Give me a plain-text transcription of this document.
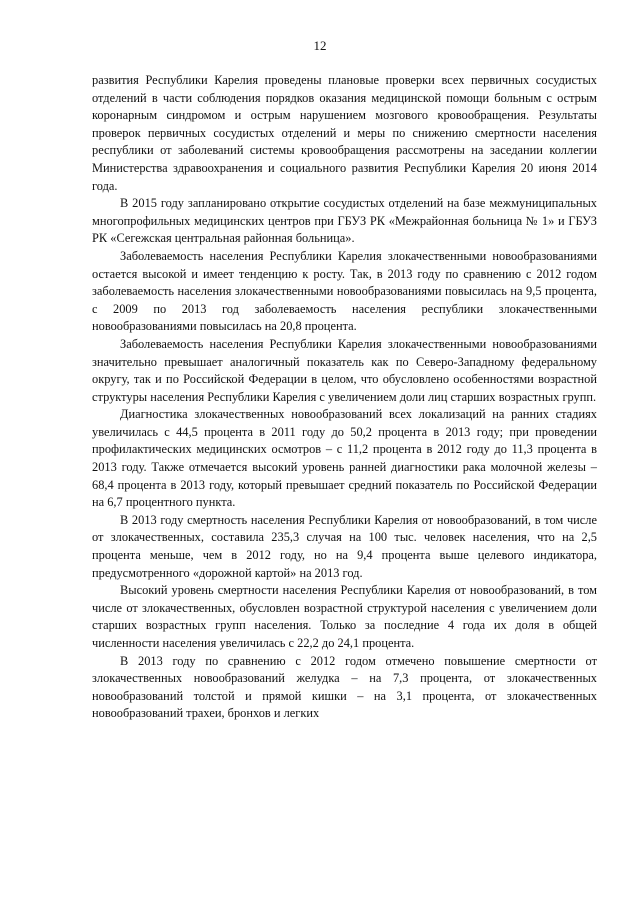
12

развития Республики Карелия проведены плановые проверки всех первичных сосудистых отделений в части соблюдения порядков оказания медицинской помощи больным с острым коронарным синдромом и острым нарушением мозгового кровообращения. Результаты проверок первичных сосудистых отделений и меры по снижению смертности населения республики от заболеваний системы кровообращения рассмотрены на заседании коллегии Министерства здравоохранения и социального развития Республики Карелия 20 июня 2014 года.

В 2015 году запланировано открытие сосудистых отделений на базе межмуниципальных многопрофильных медицинских центров при ГБУЗ РК «Межрайонная больница № 1» и ГБУЗ РК «Сегежская центральная районная больница».

Заболеваемость населения Республики Карелия злокачественными новообразованиями остается высокой и имеет тенденцию к росту. Так, в 2013 году по сравнению с 2012 годом заболеваемость населения злокачественными новообразованиями повысилась на 9,5 процента, с 2009 по 2013 год заболеваемость населения республики злокачественными новообразованиями повысилась на 20,8 процента.

Заболеваемость населения Республики Карелия злокачественными новообразованиями значительно превышает аналогичный показатель как по Северо-Западному федеральному округу, так и по Российской Федерации в целом, что обусловлено особенностями возрастной структуры населения Республики Карелия с увеличением доли лиц старших возрастных групп.

Диагностика злокачественных новообразований всех локализаций на ранних стадиях увеличилась с 44,5 процента в 2011 году до 50,2 процента в 2013 году; при проведении профилактических медицинских осмотров – с 11,2 процента в 2012 году до 11,3 процента в 2013 году. Также отмечается высокий уровень ранней диагностики рака молочной железы – 68,4 процента в 2013 году, который превышает средний показатель по Российской Федерации на 6,7 процентного пункта.

В 2013 году смертность населения Республики Карелия от новообразований, в том числе от злокачественных, составила 235,3 случая на 100 тыс. человек населения, что на 2,5 процента меньше, чем в 2012 году, но на 9,4 процента выше целевого индикатора, предусмотренного «дорожной картой» на 2013 год.

Высокий уровень смертности населения Республики Карелия от новообразований, в том числе от злокачественных, обусловлен возрастной структурой населения с увеличением доли старших возрастных групп населения. Только за последние 4 года их доля в общей численности населения увеличилась с 22,2 до 24,1 процента.

В 2013 году по сравнению с 2012 годом отмечено повышение смертности от злокачественных новообразований желудка – на 7,3 процента, от злокачественных новообразований толстой и прямой кишки – на 3,1 процента, от злокачественных новообразований трахеи, бронхов и легких
